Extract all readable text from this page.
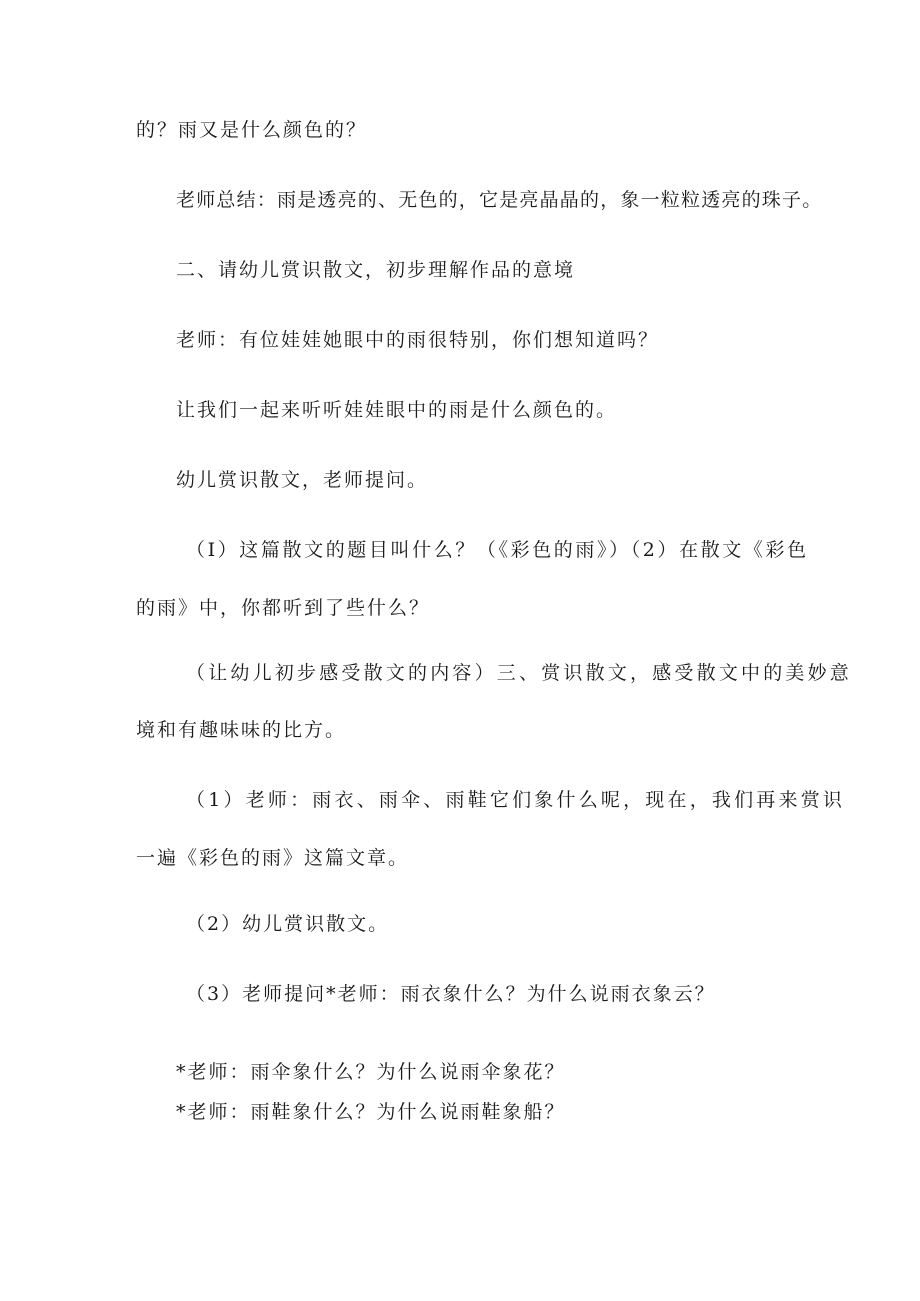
的？雨又是什么颜色的？
老师总结：雨是透亮的、无色的，它是亮晶晶的，象一粒粒透亮的珠子。
二、请幼儿赏识散文，初步理解作品的意境
老师：有位娃娃她眼中的雨很特别，你们想知道吗？
让我们一起来听听娃娃眼中的雨是什么颜色的。
幼儿赏识散文，老师提问。
（I）这篇散文的题目叫什么？（《彩色的雨》）（2）在散文《彩色
的雨》中，你都听到了些什么？
（让幼儿初步感受散文的内容）三、赏识散文，感受散文中的美妙意
境和有趣味味的比方。
（1）老师：雨衣、雨伞、雨鞋它们象什么呢，现在，我们再来赏识
一遍《彩色的雨》这篇文章。
（2）幼儿赏识散文。
（3）老师提问*老师：雨衣象什么？为什么说雨衣象云？
*老师：雨伞象什么？为什么说雨伞象花？
*老师：雨鞋象什么？为什么说雨鞋象船？
